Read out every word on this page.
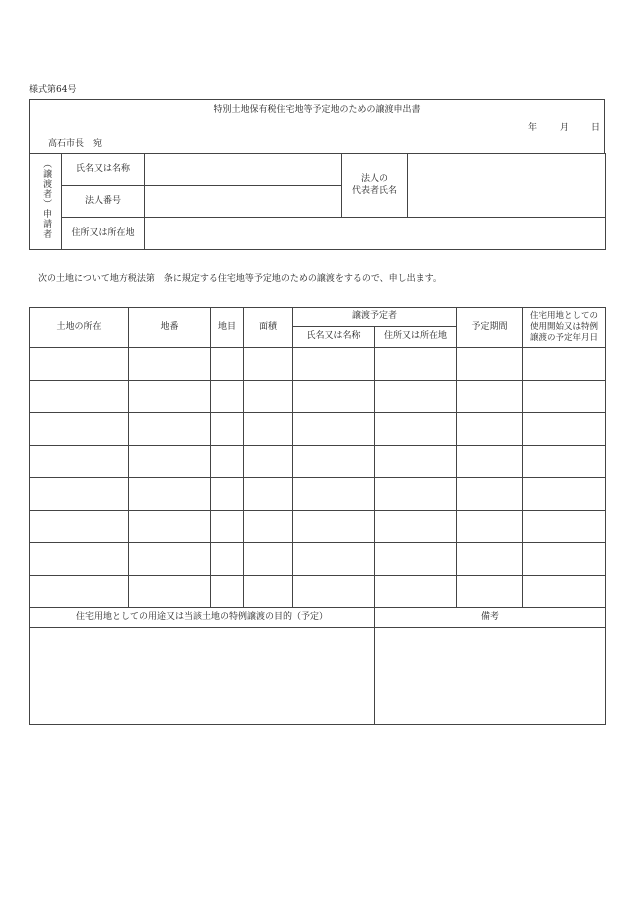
様式第64号
特別土地保有税住宅地等予定地のための譲渡申出書
年	月 日
高石市長　宛
（譲渡者）申請者	氏名又は名称		法人の
代表者氏名	

	法人番号			
	住所又は所在地			
次の土地について地方税法第　条に規定する住宅地等予定地のための譲渡をするので、申し出ます。
土地の所在	地番	地目	面積	譲渡予定者		予定期間	住宅用地としての
使用開始又は特例
譲渡の予定年月日

				氏名又は名称	住所又は所在地		

住宅用地としての用途又は当該土地の特例譲渡の目的（予定）	備考
